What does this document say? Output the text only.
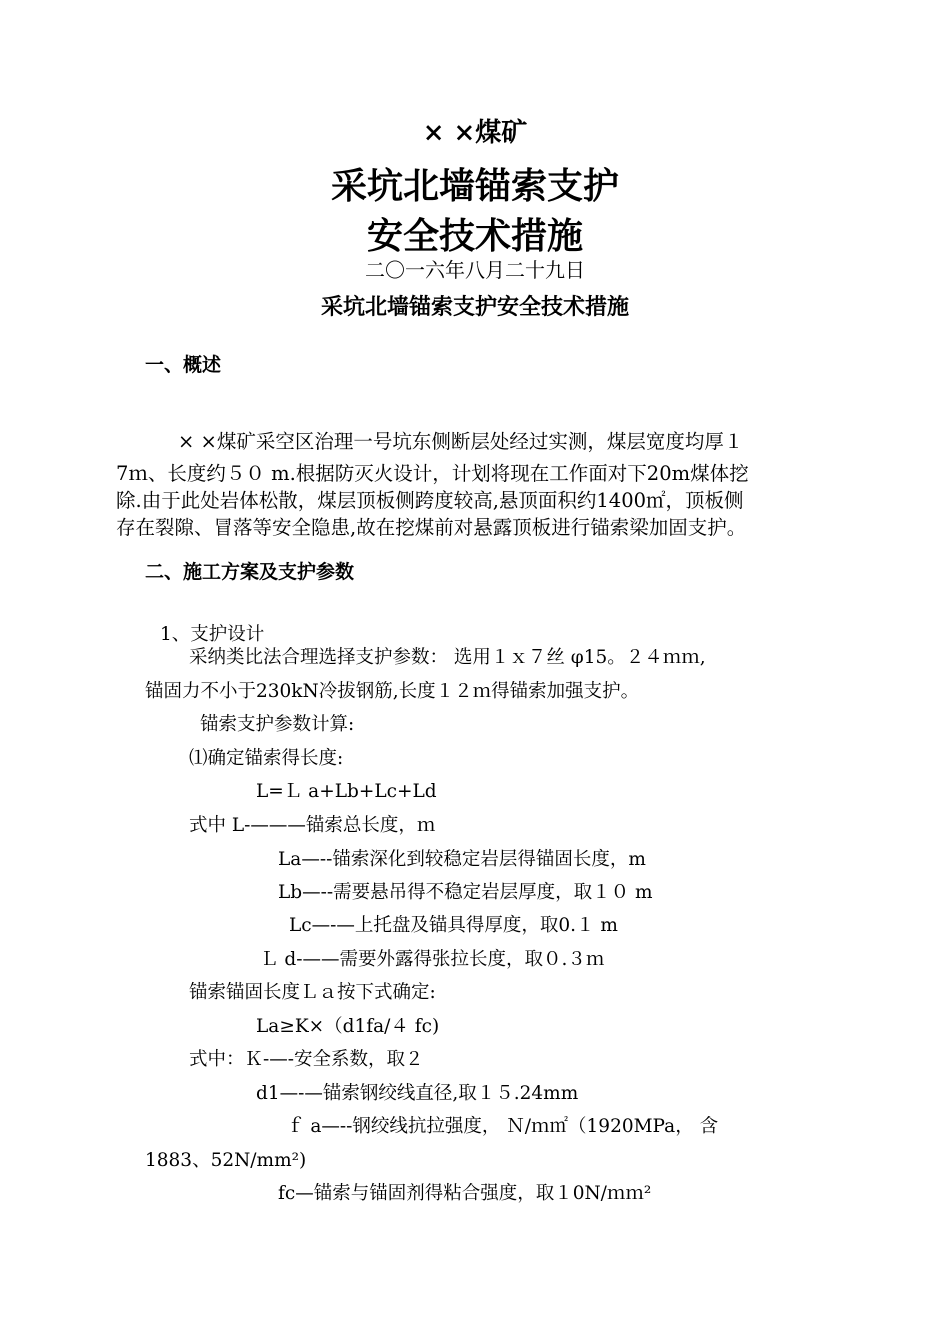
× ×煤矿
采坑北墙锚索支护
安全技术措施
二〇一六年八月二十九日
采坑北墙锚索支护安全技术措施
一、概述
× ×煤矿采空区治理一号坑东侧断层处经过实测，煤层宽度均厚１
7ｍ、长度约５０ m.根据防灭火设计，计划将现在工作面对下20m煤体挖
除.由于此处岩体松散，煤层顶板侧跨度较高,悬顶面积约1400㎡，顶板侧
存在裂隙、冒落等安全隐患,故在挖煤前对悬露顶板进行锚索梁加固支护。
二、施工方案及支护参数
1、支护设计
采纳类比法合理选择支护参数： 选用１ｘ７丝 φ15。２４ｍｍ,
锚固力不小于230kN冷拔钢筋,长度１２ｍ得锚索加强支护。
锚索支护参数计算:
⑴确定锚索得长度:
L=Ｌ a+Lb+Lc+Ld
式中 L-———锚索总长度，ｍ
La—--锚索深化到较稳定岩层得锚固长度，m
Lb—--需要悬吊得不稳定岩层厚度，取１０ m
Lc—-—上托盘及锚具得厚度，取0.１ m
Ｌ d-——需要外露得张拉长度，取０.３ｍ
锚索锚固长度Ｌａ按下式确定:
La≥K×（d1fa/４ fc)
式中：Ｋ-—-安全系数，取２
d1—-—锚索钢绞线直径,取１５.24mm
ｆ a—--钢绞线抗拉强度， Ｎ/ｍ㎡（1920MPa， 含
1883、52N/mm²)
fc—锚索与锚固剂得粘合强度，取１0N/ｍｍ²
